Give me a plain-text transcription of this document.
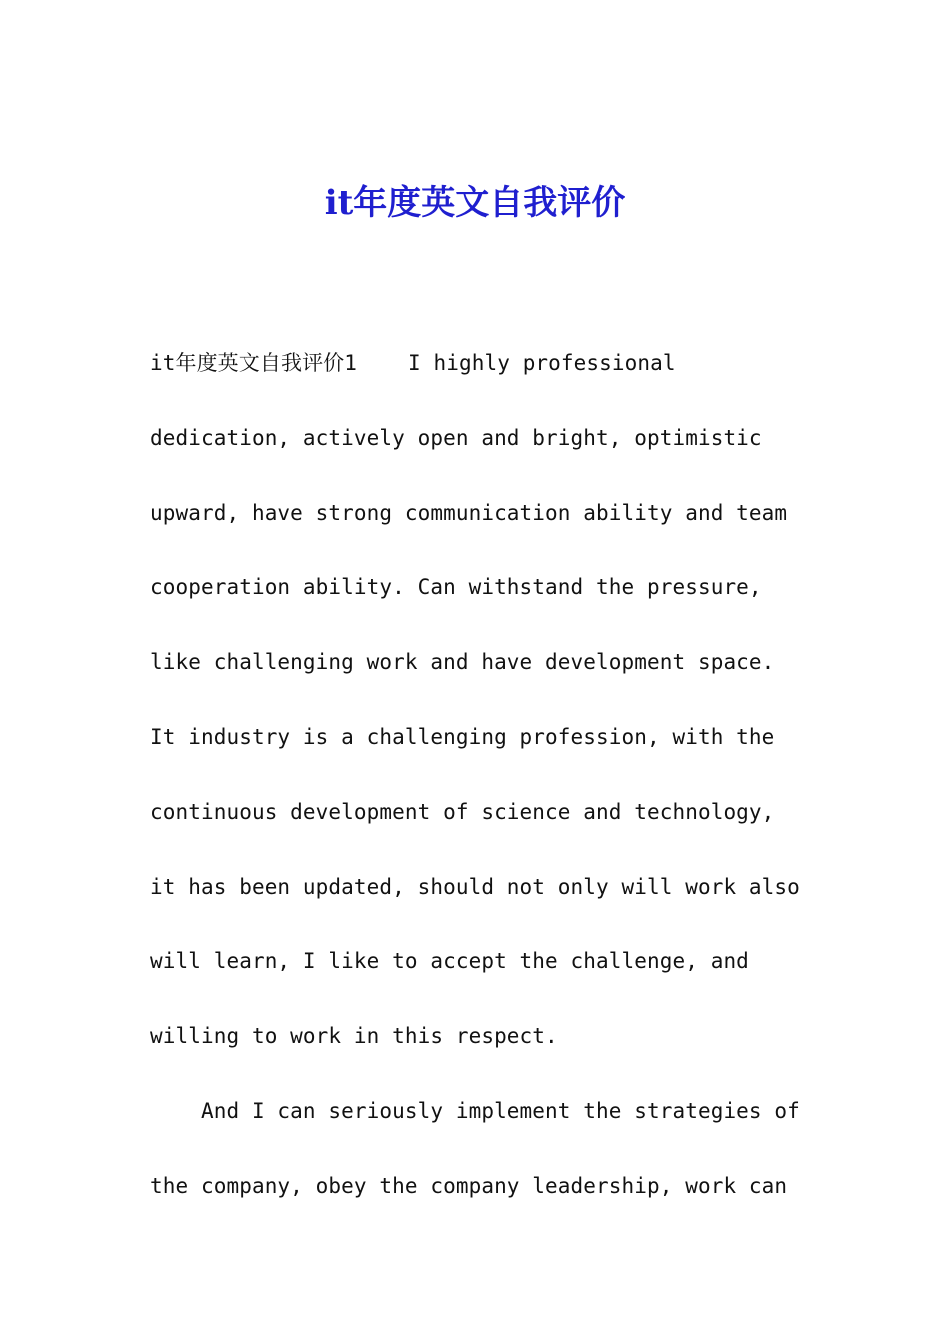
it年度英文自我评价
it年度英文自我评价1    I highly professional
dedication, actively open and bright, optimistic
upward, have strong communication ability and team
cooperation ability. Can withstand the pressure,
like challenging work and have development space.
It industry is a challenging profession, with the
continuous development of science and technology,
it has been updated, should not only will work also
will learn, I like to accept the challenge, and
willing to work in this respect.
And I can seriously implement the strategies of
the company, obey the company leadership, work can
